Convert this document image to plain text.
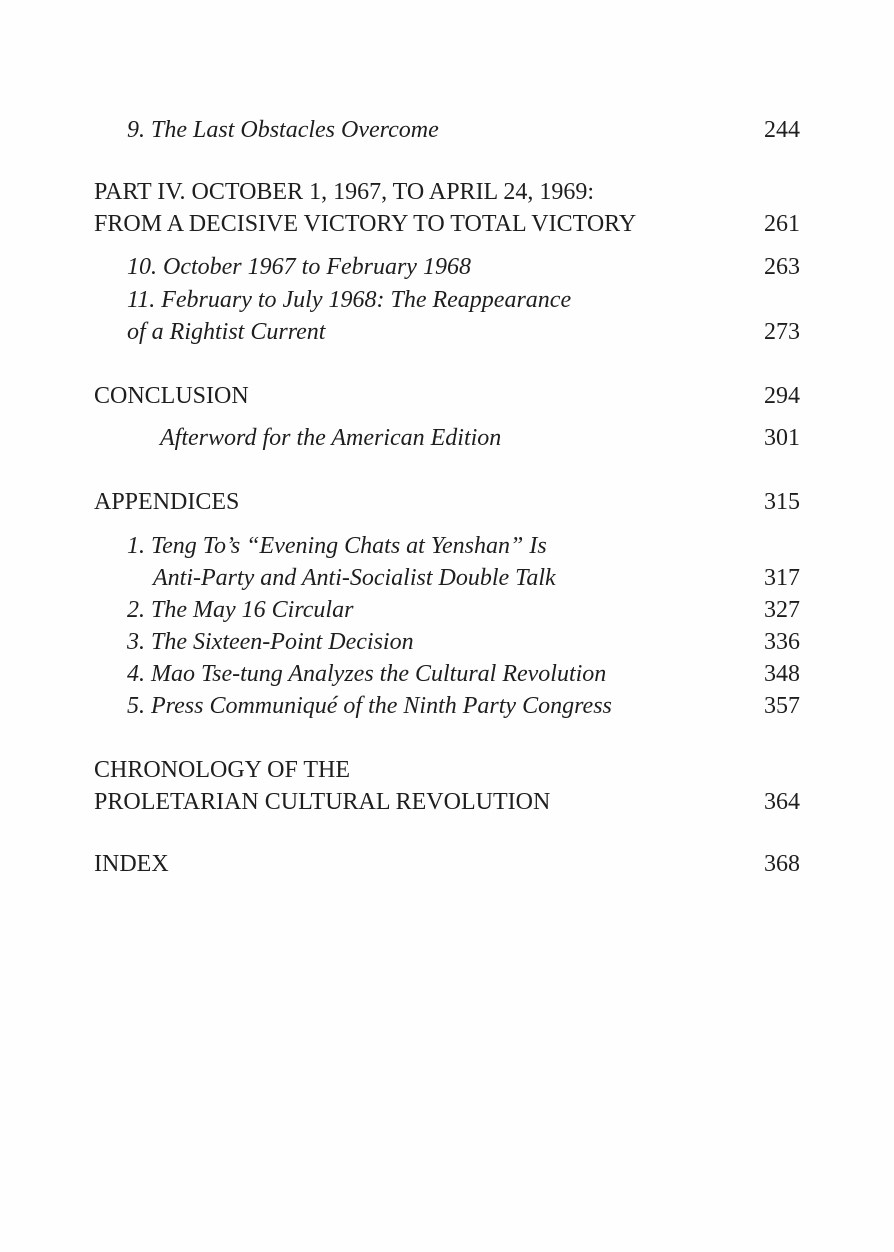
9. The Last Obstacles Overcome	244
PART IV. OCTOBER 1, 1967, TO APRIL 24, 1969:
FROM A DECISIVE VICTORY TO TOTAL VICTORY	261
10. October 1967 to February 1968	263
11. February to July 1968: The Reappearance
of a Rightist Current	273
CONCLUSION	294
Afterword for the American Edition	301
APPENDICES	315
1. Teng To’s “Evening Chats at Yenshan” Is
Anti-Party and Anti-Socialist Double Talk	317
2. The May 16 Circular	327
3. The Sixteen-Point Decision	336
4. Mao Tse-tung Analyzes the Cultural Revolution	348
5. Press Communiqué of the Ninth Party Congress	357
CHRONOLOGY OF THE
PROLETARIAN CULTURAL REVOLUTION	364
INDEX	368
